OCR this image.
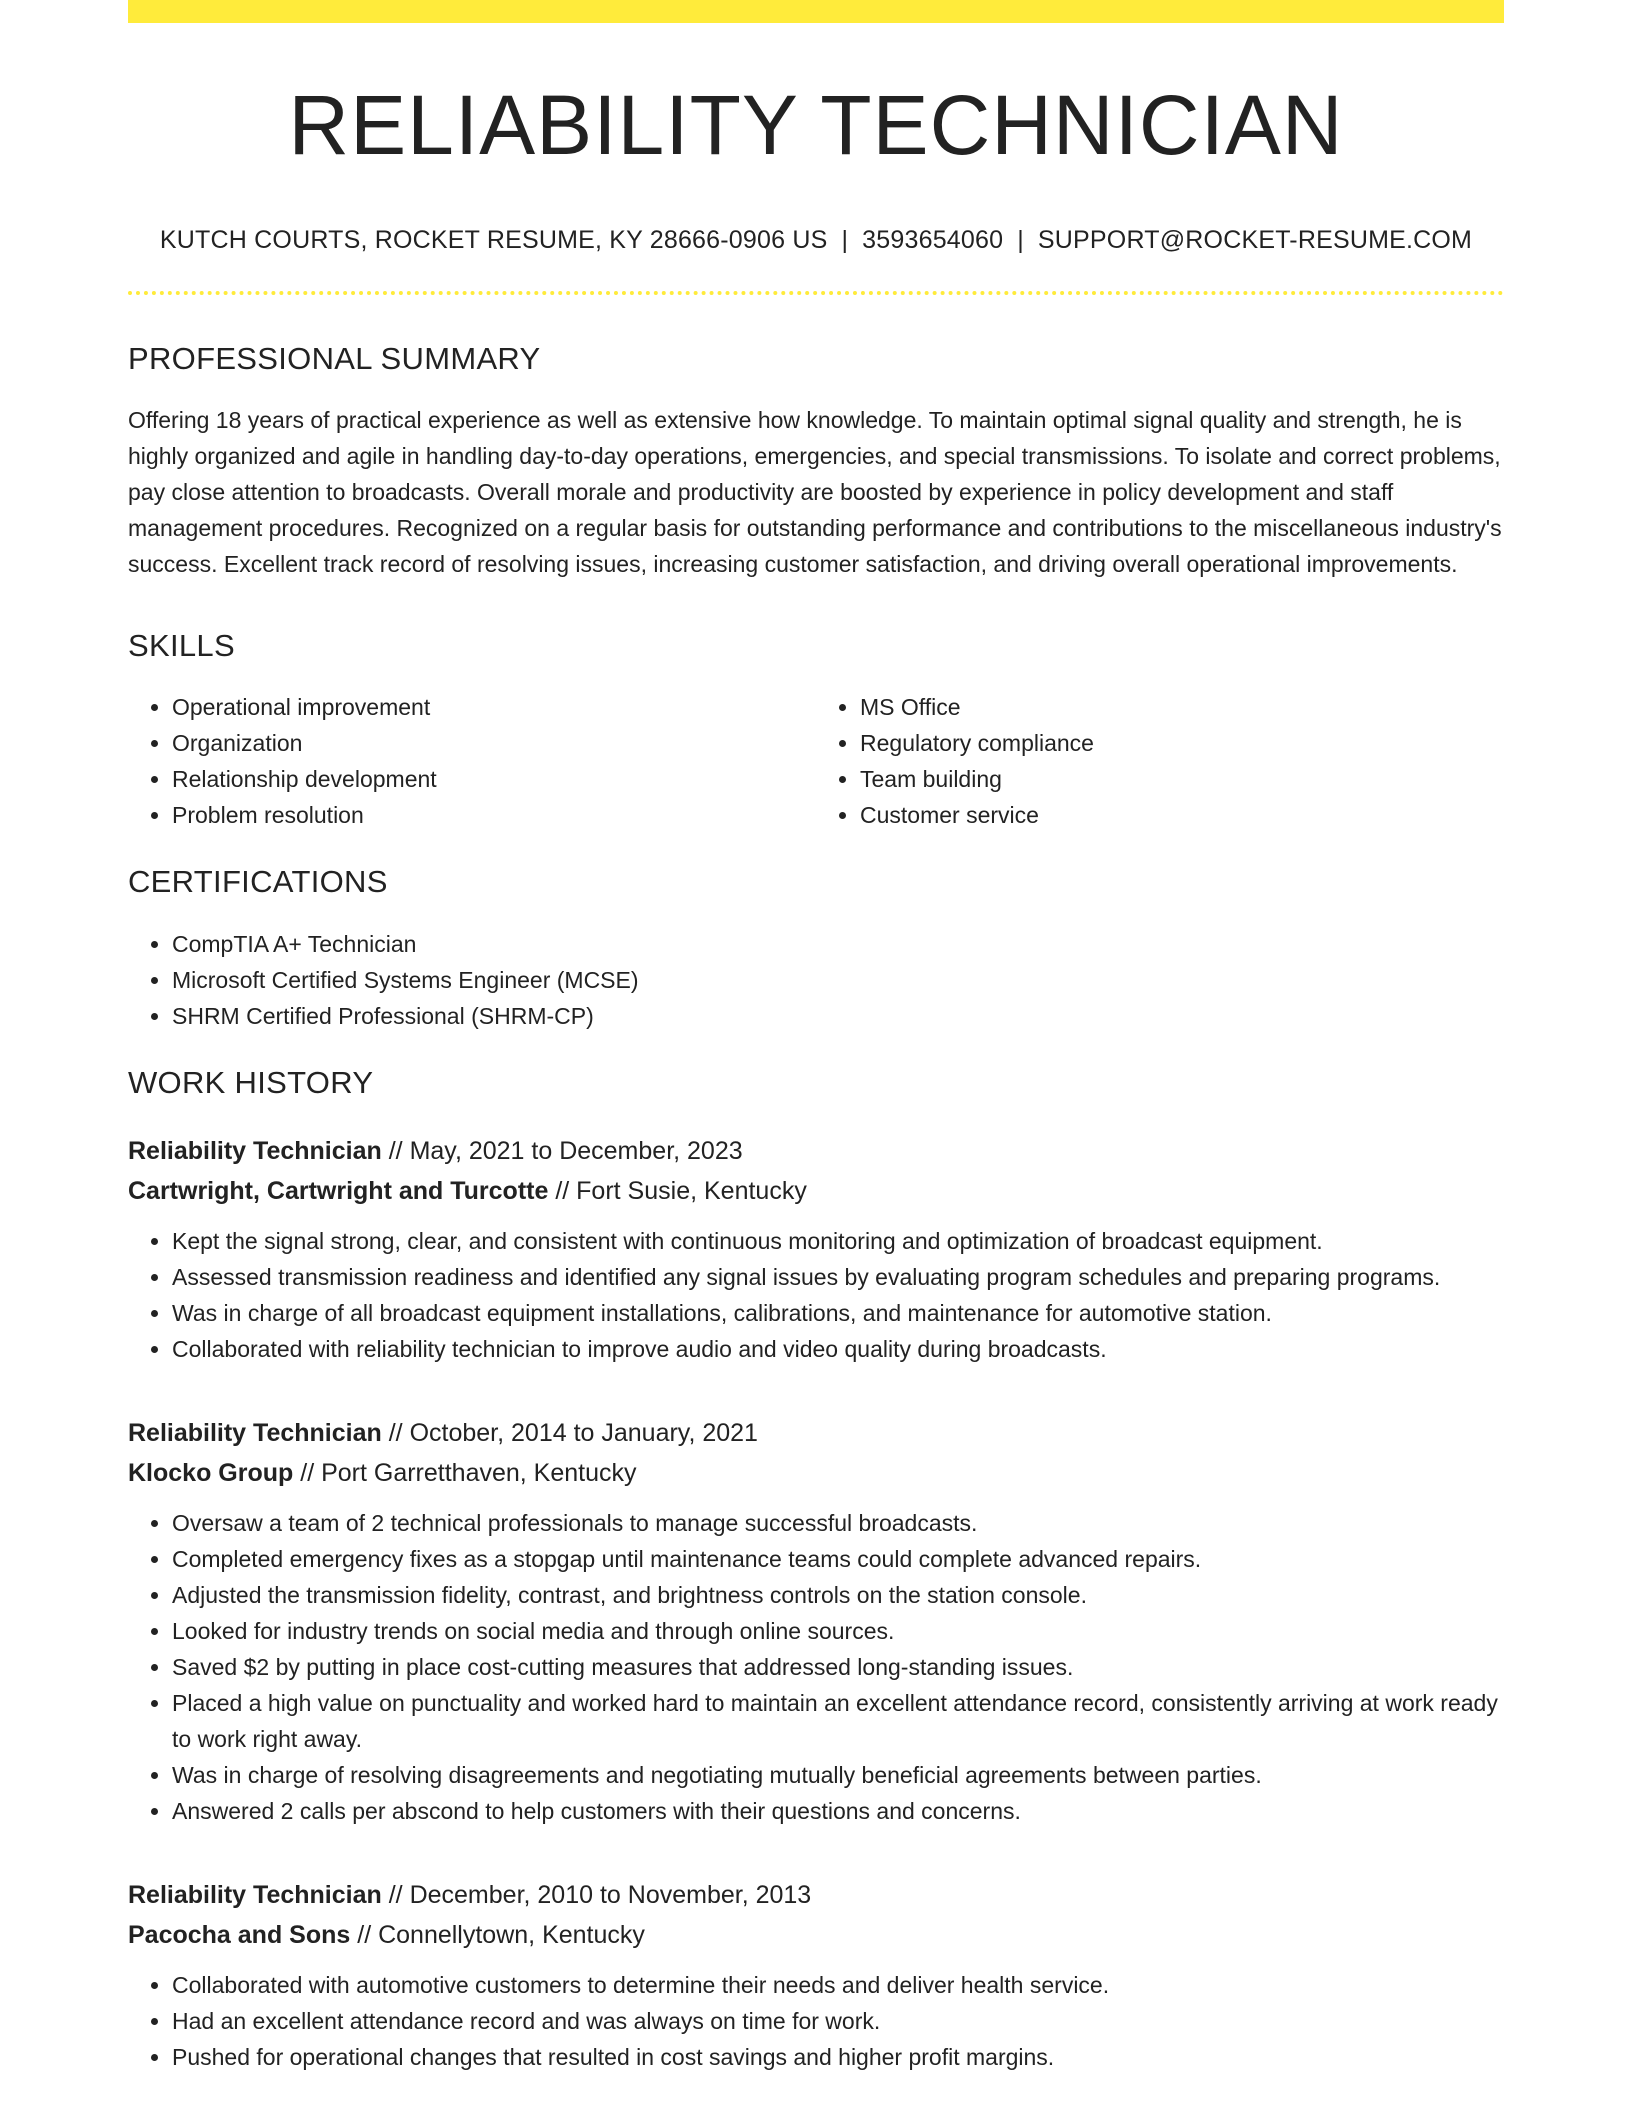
RELIABILITY TECHNICIAN
KUTCH COURTS, ROCKET RESUME, KY 28666-0906 US | 3593654060 | SUPPORT@ROCKET-RESUME.COM
PROFESSIONAL SUMMARY
Offering 18 years of practical experience as well as extensive how knowledge. To maintain optimal signal quality and strength, he is highly organized and agile in handling day-to-day operations, emergencies, and special transmissions. To isolate and correct problems, pay close attention to broadcasts. Overall morale and productivity are boosted by experience in policy development and staff management procedures. Recognized on a regular basis for outstanding performance and contributions to the miscellaneous industry's success. Excellent track record of resolving issues, increasing customer satisfaction, and driving overall operational improvements.
SKILLS
• Operational improvement
• Organization
• Relationship development
• Problem resolution
• MS Office
• Regulatory compliance
• Team building
• Customer service
CERTIFICATIONS
• CompTIA A+ Technician
• Microsoft Certified Systems Engineer (MCSE)
• SHRM Certified Professional (SHRM-CP)
WORK HISTORY
Reliability Technician // May, 2021 to December, 2023
Cartwright, Cartwright and Turcotte // Fort Susie, Kentucky
• Kept the signal strong, clear, and consistent with continuous monitoring and optimization of broadcast equipment.
• Assessed transmission readiness and identified any signal issues by evaluating program schedules and preparing programs.
• Was in charge of all broadcast equipment installations, calibrations, and maintenance for automotive station.
• Collaborated with reliability technician to improve audio and video quality during broadcasts.
Reliability Technician // October, 2014 to January, 2021
Klocko Group // Port Garretthaven, Kentucky
• Oversaw a team of 2 technical professionals to manage successful broadcasts.
• Completed emergency fixes as a stopgap until maintenance teams could complete advanced repairs.
• Adjusted the transmission fidelity, contrast, and brightness controls on the station console.
• Looked for industry trends on social media and through online sources.
• Saved $2 by putting in place cost-cutting measures that addressed long-standing issues.
• Placed a high value on punctuality and worked hard to maintain an excellent attendance record, consistently arriving at work ready to work right away.
• Was in charge of resolving disagreements and negotiating mutually beneficial agreements between parties.
• Answered 2 calls per abscond to help customers with their questions and concerns.
Reliability Technician // December, 2010 to November, 2013
Pacocha and Sons // Connellytown, Kentucky
• Collaborated with automotive customers to determine their needs and deliver health service.
• Had an excellent attendance record and was always on time for work.
• Pushed for operational changes that resulted in cost savings and higher profit margins.
